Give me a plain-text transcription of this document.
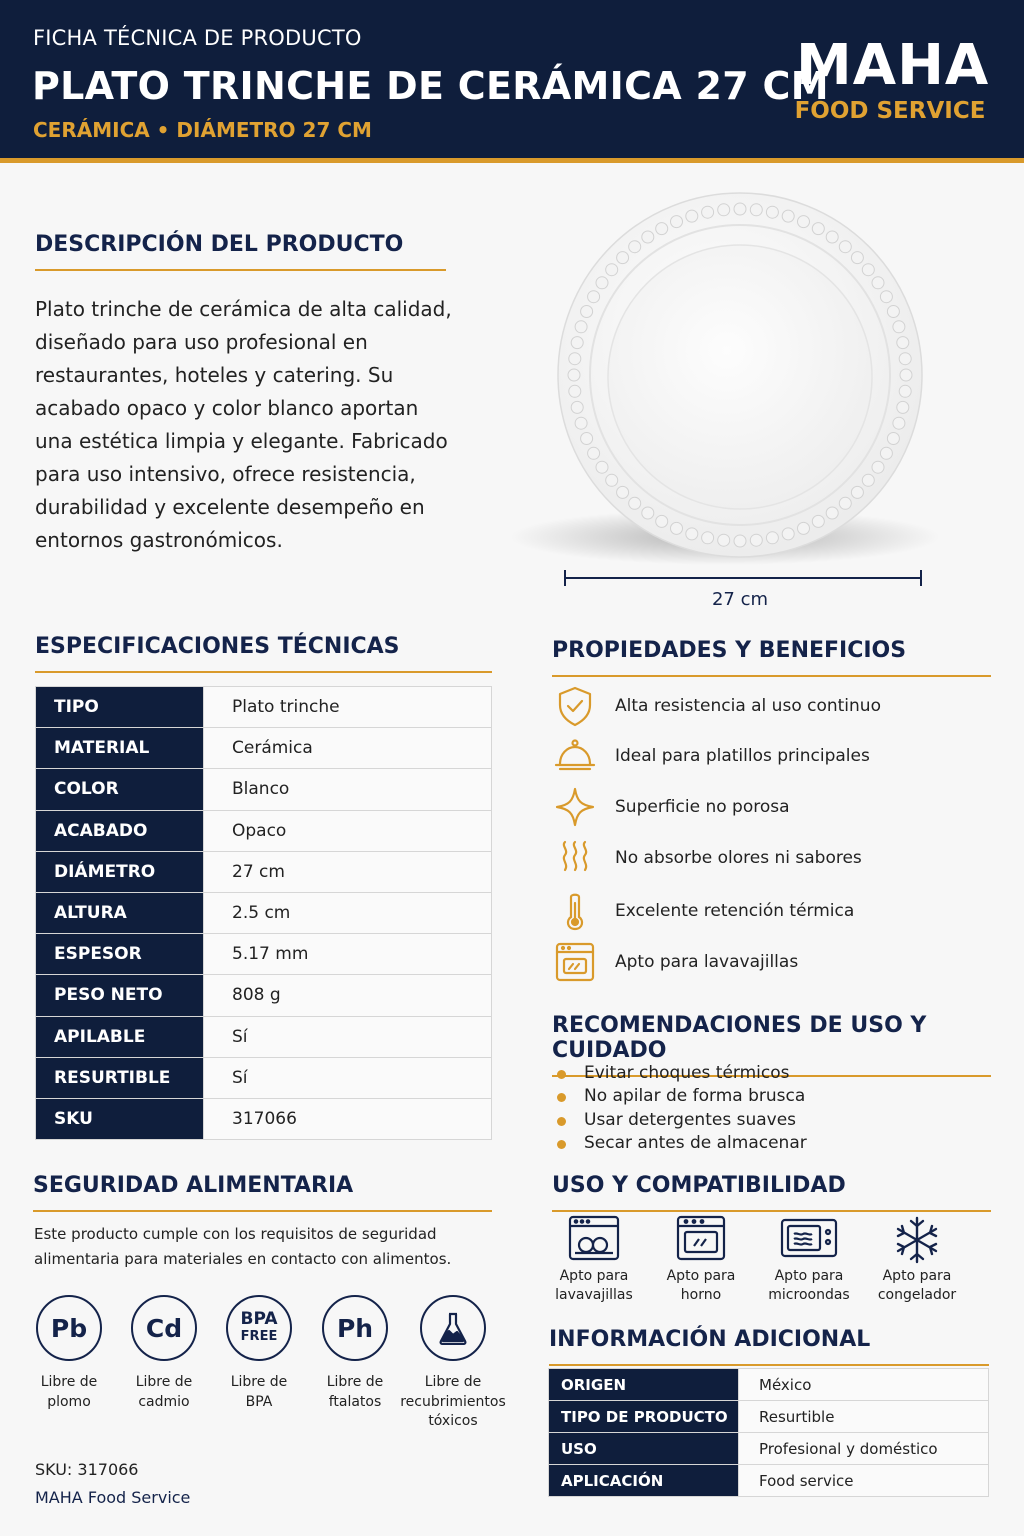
FICHA TÉCNICA DE PRODUCTO
PLATO TRINCHE DE CERÁMICA 27 CM
CERÁMICA • DIÁMETRO 27 CM
MAHA
FOOD SERVICE
DESCRIPCIÓN DEL PRODUCTO
Plato trinche de cerámica de alta calidad, diseñado para uso profesional en restaurantes, hoteles y catering. Su acabado opaco y color blanco aportan una estética limpia y elegante. Fabricado para uso intensivo, ofrece resistencia, durabilidad y excelente desempeño en entornos gastronómicos.
27 cm
ESPECIFICACIONES TÉCNICAS
TIPO	Plato trinche
MATERIAL	Cerámica
COLOR	Blanco
ACABADO	Opaco
DIÁMETRO	27 cm
ALTURA	2.5 cm
ESPESOR	5.17 mm
PESO NETO	808 g
APILABLE	Sí
RESURTIBLE	Sí
SKU	317066
PROPIEDADES Y BENEFICIOS
Alta resistencia al uso continuo
Ideal para platillos principales
Superficie no porosa
No absorbe olores ni sabores
Excelente retención térmica
Apto para lavavajillas
RECOMENDACIONES DE USO Y CUIDADO
Evitar choques térmicos
No apilar de forma brusca
Usar detergentes suaves
Secar antes de almacenar
USO Y COMPATIBILIDAD
Apto para
lavavajillas
Apto para
horno
Apto para
microondas
Apto para
congelador
SEGURIDAD ALIMENTARIA
Este producto cumple con los requisitos de seguridad alimentaria para materiales en contacto con alimentos.
Pb
Libre de
plomo
Cd
Libre de
cadmio
BPA
FREE
Libre de
BPA
Ph
Libre de
ftalatos
Libre de
recubrimientos
tóxicos
INFORMACIÓN ADICIONAL
ORIGEN	México
TIPO DE PRODUCTO	Resurtible
USO	Profesional y doméstico
APLICACIÓN	Food service
SKU: 317066
MAHA Food Service
